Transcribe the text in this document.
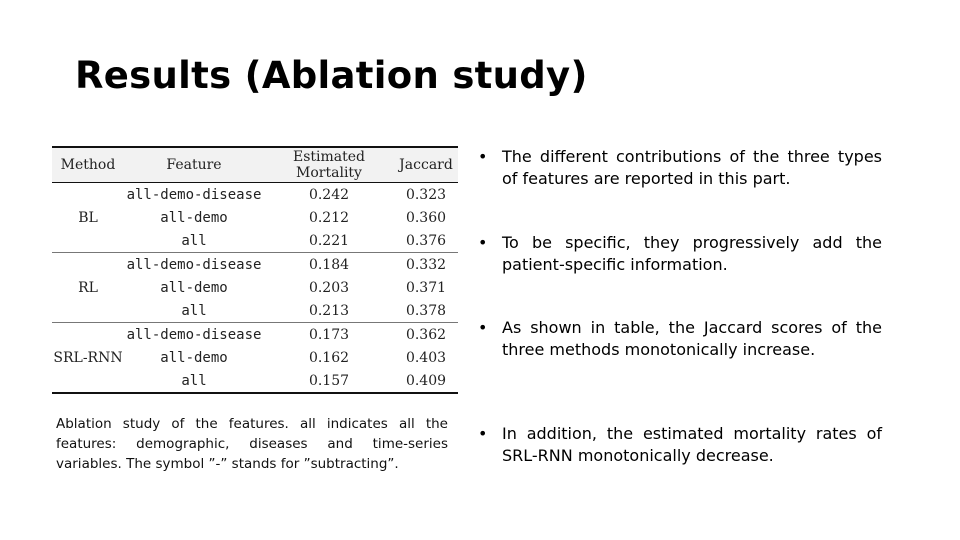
Results (Ablation study)
Method	Feature	Estimated Mortality	Jaccard
BL	all-demo-disease	0.242	0.323
	all-demo	0.212	0.360
	all	0.221	0.376
RL	all-demo-disease	0.184	0.332
	all-demo	0.203	0.371
	all	0.213	0.378
SRL-RNN	all-demo-disease	0.173	0.362
	all-demo	0.162	0.403
	all	0.157	0.409
Ablation study of the features. all indicates all the features: demographic, diseases and time-series variables. The symbol ”-” stands for ”subtracting”.
• The different contributions of the three types of features are reported in this part.
• To be specific, they progressively add the patient-specific information.
• As shown in table, the Jaccard scores of the three methods monotonically increase.
• In addition, the estimated mortality rates of SRL-RNN monotonically decrease.
